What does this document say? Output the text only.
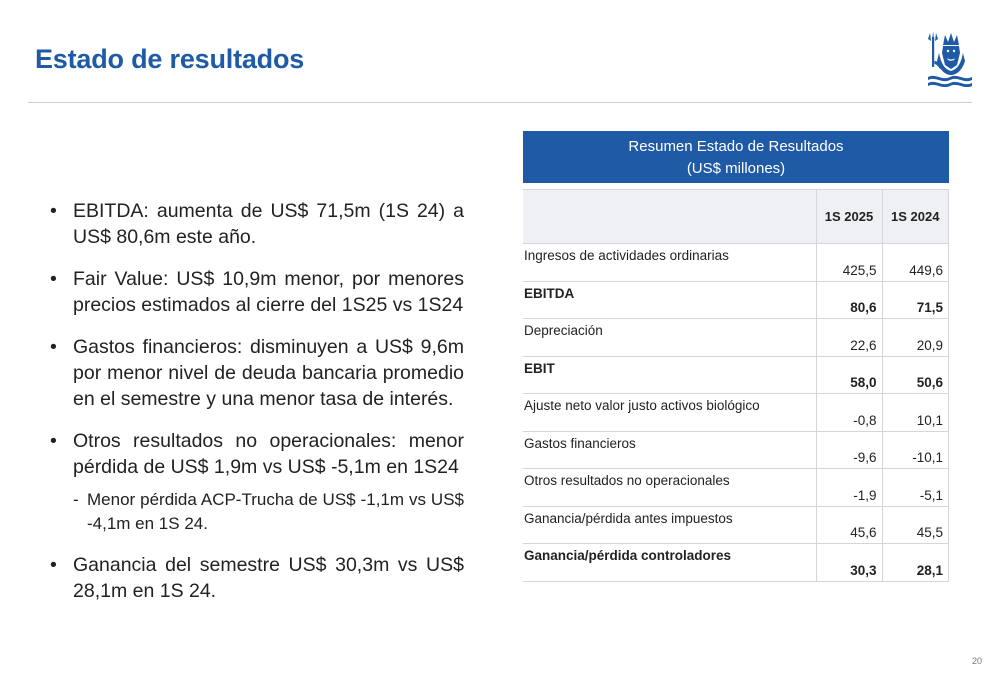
Estado de resultados
• EBITDA: aumenta de US$ 71,5m (1S 24) a US$ 80,6m este año.
• Fair Value: US$ 10,9m menor, por menores precios estimados al cierre del 1S25 vs 1S24
• Gastos financieros: disminuyen a US$ 9,6m por menor nivel de deuda bancaria promedio en el semestre y una menor tasa de interés.
• Otros resultados no operacionales: menor pérdida de US$ 1,9m vs US$ -5,1m en 1S24
- Menor pérdida ACP-Trucha de US$ -1,1m vs US$ -4,1m en 1S 24.
• Ganancia del semestre US$ 30,3m vs US$ 28,1m en 1S 24.
Resumen Estado de Resultados
(US$ millones)
	1S 2025	1S 2024
Ingresos de actividades ordinarias	425,5	449,6
EBITDA	80,6	71,5
Depreciación	22,6	20,9
EBIT	58,0	50,6
Ajuste neto valor justo activos biológico	-0,8	10,1
Gastos financieros	-9,6	-10,1
Otros resultados no operacionales	-1,9	-5,1
Ganancia/pérdida antes impuestos	45,6	45,5
Ganancia/pérdida controladores	30,3	28,1
20
